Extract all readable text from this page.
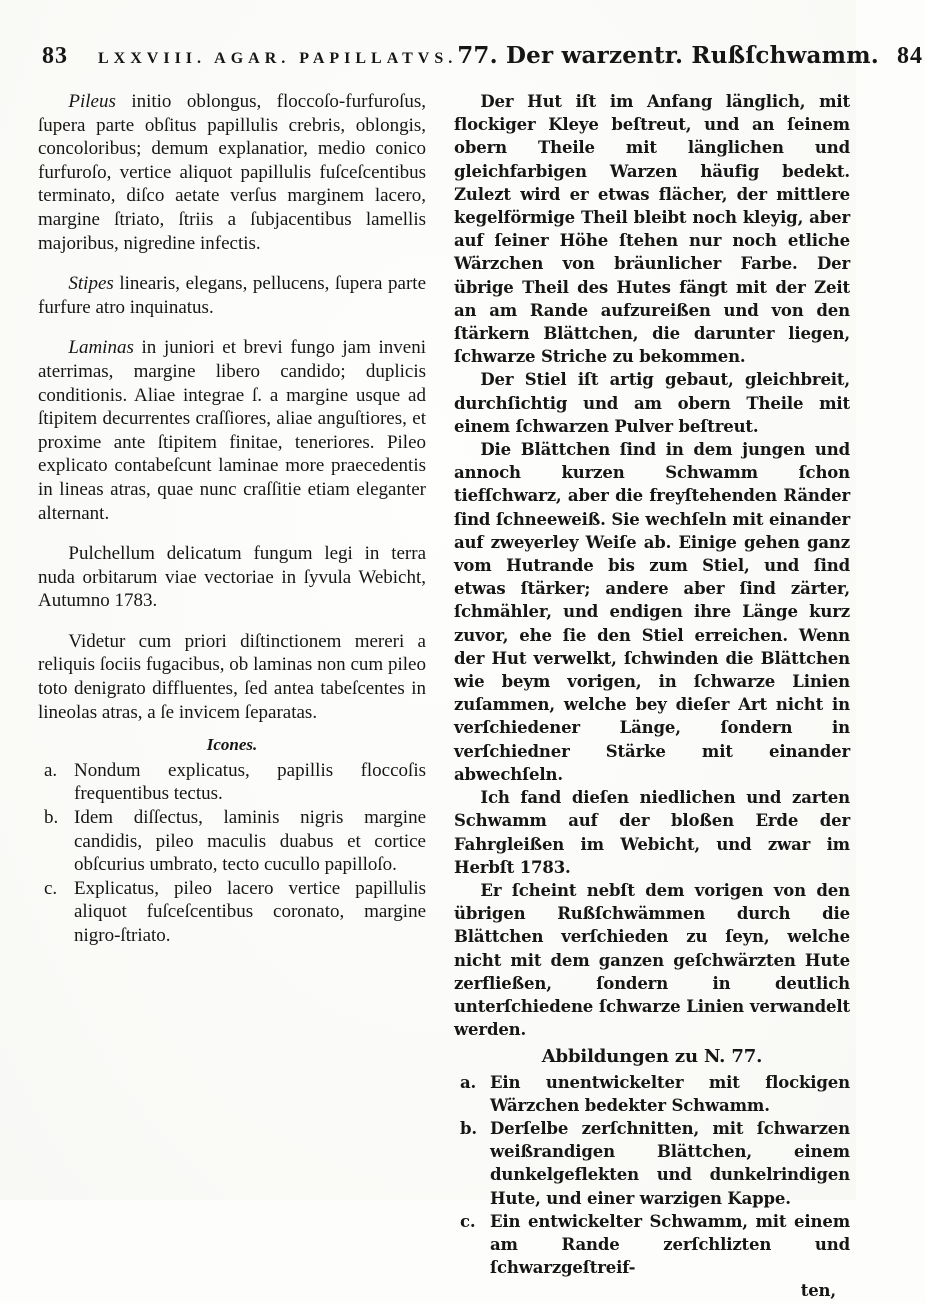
83 LXXVIII. AGAR. PAPILLATVS. 77. Der warzentr. Rußſchwamm. 84

Pileus initio oblongus, floccoſo-furfuroſus, ſupera parte obſitus papillulis crebris, oblongis, concoloribus; demum explanatior, medio conico furfuroſo, vertice aliquot papillulis fuſceſcentibus terminato, diſco aetate verſus marginem lacero, margine ſtriato, ſtriis a ſubjacentibus lamellis majoribus, nigredine infectis.

Stipes linearis, elegans, pellucens, ſupera parte furfure atro inquinatus.

Laminas in juniori et brevi fungo jam inveni aterrimas, margine libero candido; duplicis conditionis. Aliae integrae ſ. a margine usque ad ſtipitem decurrentes craſſiores, aliae anguſtiores, et proxime ante ſtipitem finitae, teneriores. Pileo explicato contabeſcunt laminae more praecedentis in lineas atras, quae nunc craſſitie etiam eleganter alternant.

Pulchellum delicatum fungum legi in terra nuda orbitarum viae vectoriae in ſyvula Webicht, Autumno 1783.

Videtur cum priori diſtinctionem mereri a reliquis ſociis fugacibus, ob laminas non cum pileo toto denigrato diffluentes, ſed antea tabeſcentes in lineolas atras, a ſe invicem ſeparatas.

Icones.
a. Nondum explicatus, papillis floccoſis frequentibus tectus.
b. Idem diſſectus, laminis nigris margine candidis, pileo maculis duabus et cortice obſcurius umbrato, tecto cucullo papilloſo.
c. Explicatus, pileo lacero vertice papillulis aliquot fuſceſcentibus coronato, margine nigro-ſtriato.

Der Hut iſt im Anfang länglich, mit flockiger Kleye beſtreut, und an ſeinem obern Theile mit länglichen und gleichfarbigen Warzen häufig bedekt. Zulezt wird er etwas flächer, der mittlere kegelförmige Theil bleibt noch kleyig, aber auf ſeiner Höhe ſtehen nur noch etliche Wärzchen von bräunlicher Farbe. Der übrige Theil des Hutes fängt mit der Zeit an am Rande aufzureißen und von den ſtärkern Blättchen, die darunter liegen, ſchwarze Striche zu bekommen.

Der Stiel iſt artig gebaut, gleichbreit, durchſichtig und am obern Theile mit einem ſchwarzen Pulver beſtreut.

Die Blättchen ſind in dem jungen und annoch kurzen Schwamm ſchon tiefſchwarz, aber die freyſtehenden Ränder ſind ſchneeweiß. Sie wechſeln mit einander auf zweyerley Weiſe ab. Einige gehen ganz vom Hutrande bis zum Stiel, und ſind etwas ſtärker; andere aber ſind zärter, ſchmähler, und endigen ihre Länge kurz zuvor, ehe ſie den Stiel erreichen. Wenn der Hut verwelkt, ſchwinden die Blättchen wie beym vorigen, in ſchwarze Linien zuſammen, welche bey dieſer Art nicht in verſchiedener Länge, ſondern in verſchiedner Stärke mit einander abwechſeln.

Ich fand dieſen niedlichen und zarten Schwamm auf der bloßen Erde der Fahrgleißen im Webicht, und zwar im Herbſt 1783.

Er ſcheint nebſt dem vorigen von den übrigen Rußſchwämmen durch die Blättchen verſchieden zu ſeyn, welche nicht mit dem ganzen geſchwärzten Hute zerfließen, ſondern in deutlich unterſchiedene ſchwarze Linien verwandelt werden.

Abbildungen zu N. 77.
a. Ein unentwickelter mit flockigen Wärzchen bedekter Schwamm.
b. Derſelbe zerſchnitten, mit ſchwarzen weißrandigen Blättchen, einem dunkelgeflekten und dunkelrindigen Hute, und einer warzigen Kappe.
c. Ein entwickelter Schwamm, mit einem am Rande zerſchlizten und ſchwarzgeſtreif-

ten,
